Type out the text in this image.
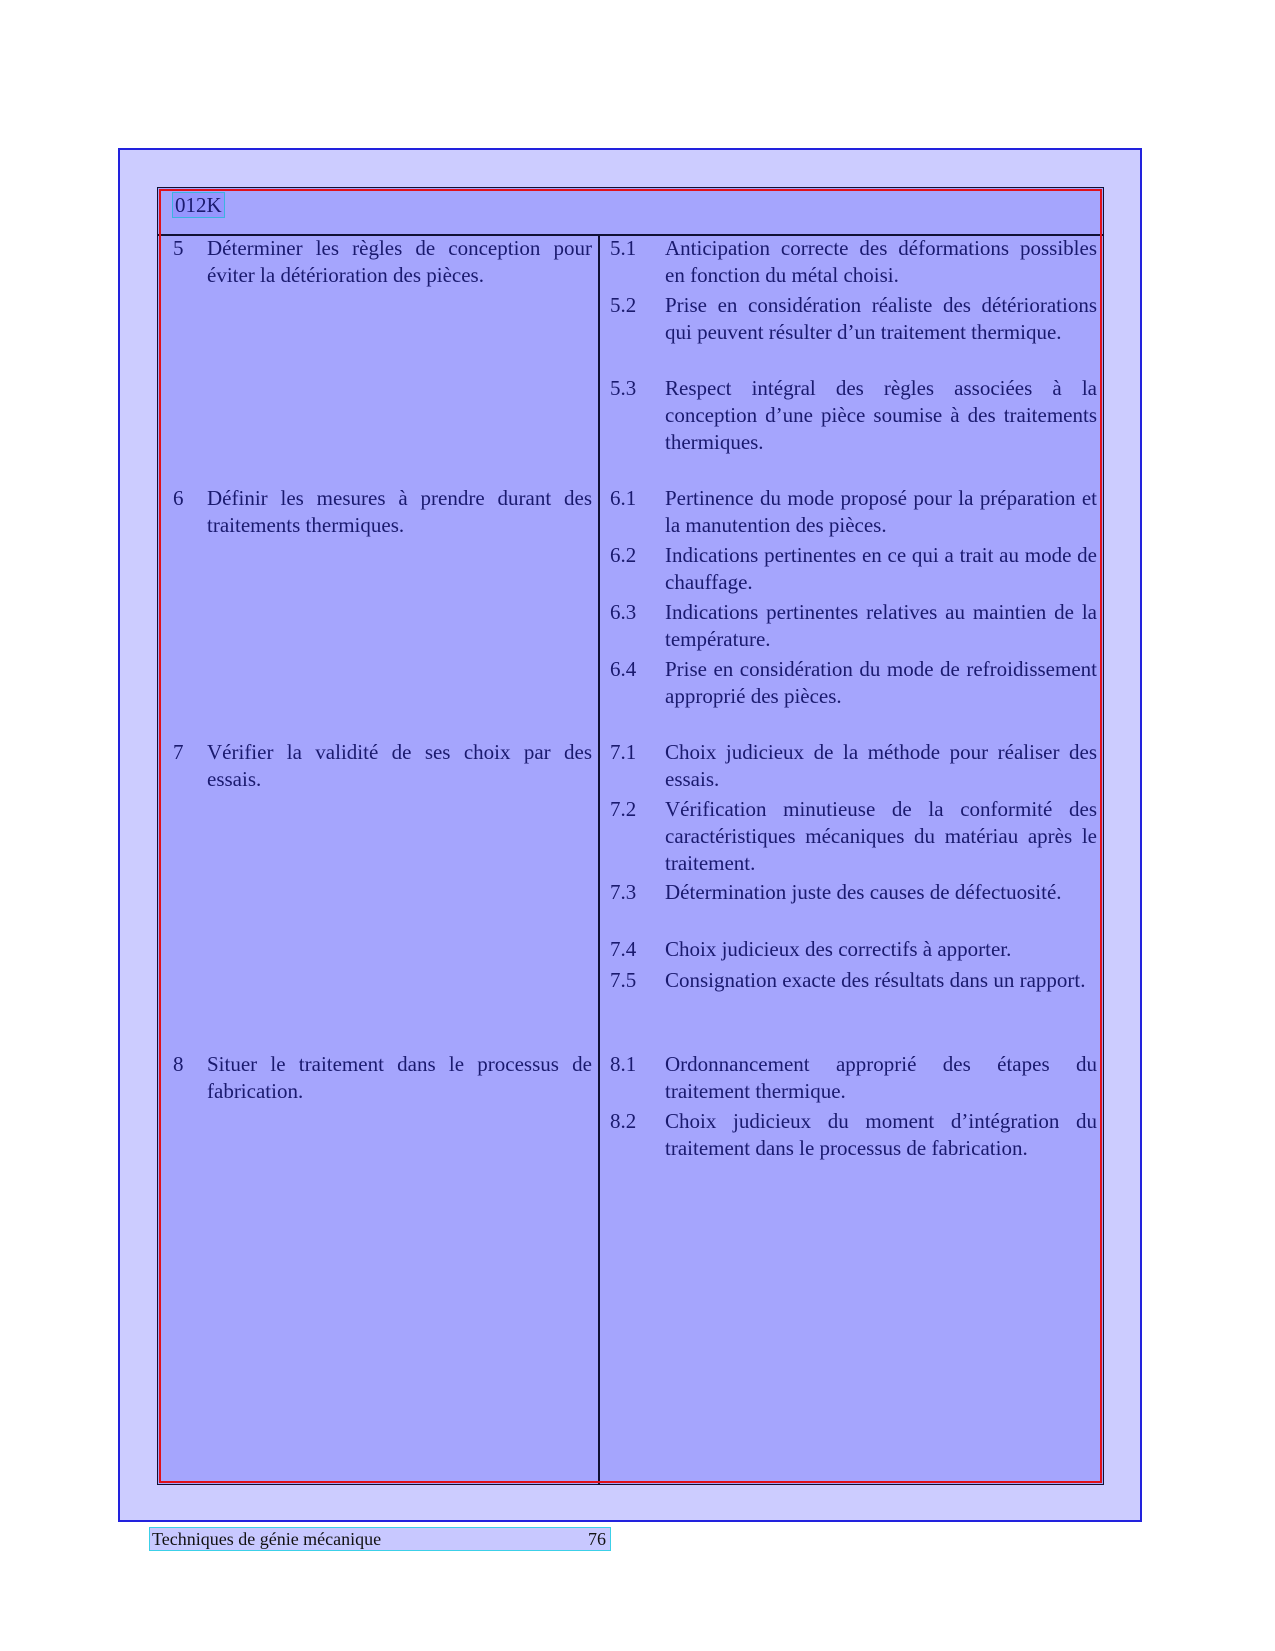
012K
5 Déterminer les règles de conception pour éviter la détérioration des pièces.
5.1 Anticipation correcte des déformations possibles en fonction du métal choisi.
5.2 Prise en considération réaliste des détériorations qui peuvent résulter d’un traitement thermique.
5.3 Respect intégral des règles associées à la conception d’une pièce soumise à des traitements thermiques.
6 Définir les mesures à prendre durant des traitements thermiques.
6.1 Pertinence du mode proposé pour la préparation et la manutention des pièces.
6.2 Indications pertinentes en ce qui a trait au mode de chauffage.
6.3 Indications pertinentes relatives au maintien de la température.
6.4 Prise en considération du mode de refroidissement approprié des pièces.
7 Vérifier la validité de ses choix par des essais.
7.1 Choix judicieux de la méthode pour réaliser des essais.
7.2 Vérification minutieuse de la conformité des caractéristiques mécaniques du matériau après le traitement.
7.3 Détermination juste des causes de défectuosité.
7.4 Choix judicieux des correctifs à apporter.
7.5 Consignation exacte des résultats dans un rapport.
8 Situer le traitement dans le processus de fabrication.
8.1 Ordonnancement approprié des étapes du traitement thermique.
8.2 Choix judicieux du moment d’intégration du traitement dans le processus de fabrication.
Techniques de génie mécanique	76
